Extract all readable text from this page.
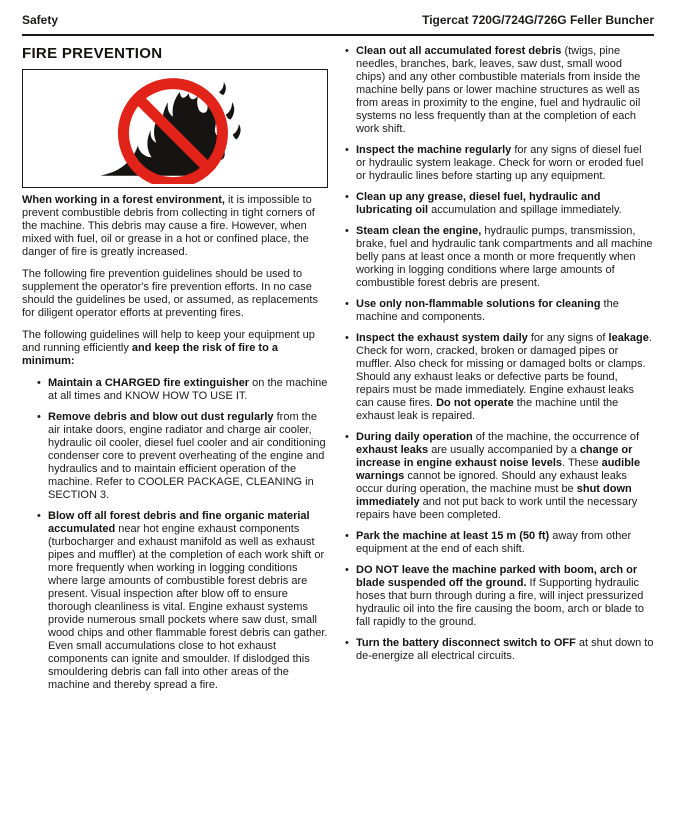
Safety	Tigercat 720G/724G/726G Feller Buncher
FIRE PREVENTION

When working in a forest environment, it is impossible to prevent combustible debris from collecting in tight corners of the machine. This debris may cause a fire. However, when mixed with fuel, oil or grease in a hot or confined place, the danger of fire is greatly increased.

The following fire prevention guidelines should be used to supplement the operator's fire prevention efforts. In no case should the guidelines be used, or assumed, as replacements for diligent operator efforts at preventing fires.

The following guidelines will help to keep your equipment up and running efficiently and keep the risk of fire to a minimum:

• Maintain a CHARGED fire extinguisher on the machine at all times and KNOW HOW TO USE IT.
• Remove debris and blow out dust regularly from the air intake doors, engine radiator and charge air cooler, hydraulic oil cooler, diesel fuel cooler and air conditioning condenser core to prevent overheating of the engine and hydraulics and to maintain efficient operation of the machine. Refer to COOLER PACKAGE, CLEANING in SECTION 3.
• Blow off all forest debris and fine organic material accumulated near hot engine exhaust components (turbocharger and exhaust manifold as well as exhaust pipes and muffler) at the completion of each work shift or more frequently when working in logging conditions where large amounts of combustible forest debris are present. Visual inspection after blow off to ensure thorough cleanliness is vital. Engine exhaust systems provide numerous small pockets where saw dust, small wood chips and other flammable forest debris can gather. Even small accumulations close to hot exhaust components can ignite and smoulder. If dislodged this smouldering debris can fall into other areas of the machine and thereby spread a fire.
• Clean out all accumulated forest debris (twigs, pine needles, branches, bark, leaves, saw dust, small wood chips) and any other combustible materials from inside the machine belly pans or lower machine structures as well as from areas in proximity to the engine, fuel and hydraulic oil systems no less frequently than at the completion of each work shift.
• Inspect the machine regularly for any signs of diesel fuel or hydraulic system leakage. Check for worn or eroded fuel or hydraulic lines before starting up any equipment.
• Clean up any grease, diesel fuel, hydraulic and lubricating oil accumulation and spillage immediately.
• Steam clean the engine, hydraulic pumps, transmission, brake, fuel and hydraulic tank compartments and all machine belly pans at least once a month or more frequently when working in logging conditions where large amounts of combustible forest debris are present.
• Use only non-flammable solutions for cleaning the machine and components.
• Inspect the exhaust system daily for any signs of leakage. Check for worn, cracked, broken or damaged pipes or muffler. Also check for missing or damaged bolts or clamps. Should any exhaust leaks or defective parts be found, repairs must be made immediately. Engine exhaust leaks can cause fires. Do not operate the machine until the exhaust leak is repaired.
• During daily operation of the machine, the occurrence of exhaust leaks are usually accompanied by a change or increase in engine exhaust noise levels. These audible warnings cannot be ignored. Should any exhaust leaks occur during operation, the machine must be shut down immediately and not put back to work until the necessary repairs have been completed.
• Park the machine at least 15 m (50 ft) away from other equipment at the end of each shift.
• DO NOT leave the machine parked with boom, arch or blade suspended off the ground. If Supporting hydraulic hoses that burn through during a fire, will inject pressurized hydraulic oil into the fire causing the boom, arch or blade to fall rapidly to the ground.
• Turn the battery disconnect switch to OFF at shut down to de-energize all electrical circuits.
